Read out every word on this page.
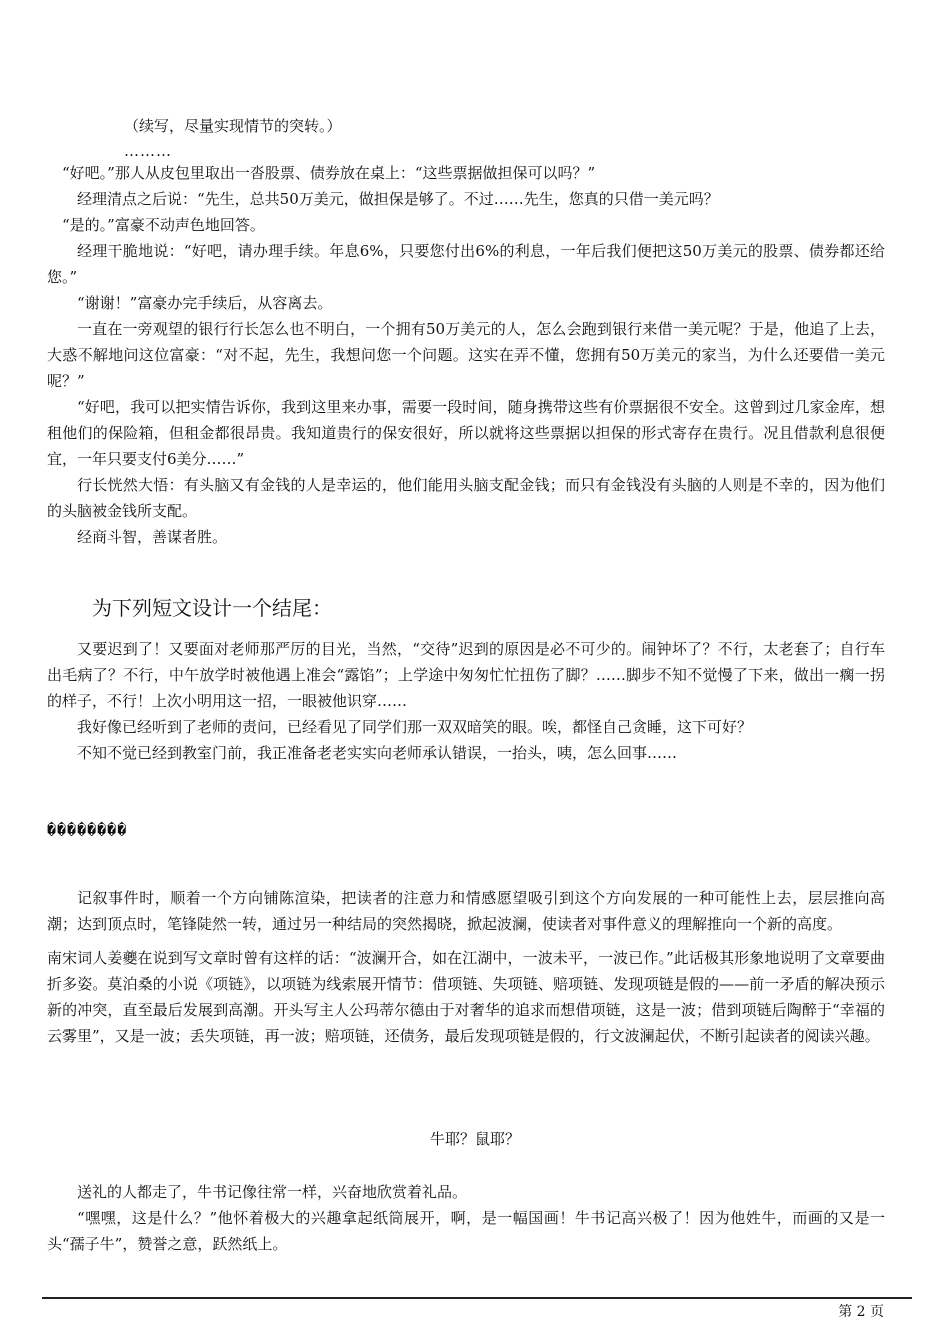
（续写，尽量实现情节的突转。）
………

“好吧。”那人从皮包里取出一沓股票、债券放在桌上：“这些票据做担保可以吗？”

经理清点之后说：“先生，总共50万美元，做担保是够了。不过……先生，您真的只借一美元吗？

“是的。”富豪不动声色地回答。

经理干脆地说：“好吧，请办理手续。年息6%，只要您付出6%的利息，一年后我们便把这50万美元的股票、债券都还给您。”

“谢谢！”富豪办完手续后，从容离去。

一直在一旁观望的银行行长怎么也不明白，一个拥有50万美元的人，怎么会跑到银行来借一美元呢？于是，他追了上去，大惑不解地问这位富豪：“对不起，先生，我想问您一个问题。这实在弄不懂，您拥有50万美元的家当，为什么还要借一美元呢？”

“好吧，我可以把实情告诉你，我到这里来办事，需要一段时间，随身携带这些有价票据很不安全。这曾到过几家金库，想租他们的保险箱，但租金都很昂贵。我知道贵行的保安很好，所以就将这些票据以担保的形式寄存在贵行。况且借款利息很便宜，一年只要支付6美分……”

行长恍然大悟：有头脑又有金钱的人是幸运的，他们能用头脑支配金钱；而只有金钱没有头脑的人则是不幸的，因为他们的头脑被金钱所支配。

经商斗智，善谋者胜。

为下列短文设计一个结尾：

又要迟到了！又要面对老师那严厉的目光，当然，“交待”迟到的原因是必不可少的。闹钟坏了？不行，太老套了；自行车出毛病了？不行，中午放学时被他遇上准会“露馅”；上学途中匆匆忙忙扭伤了脚？……脚步不知不觉慢了下来，做出一瘸一拐的样子，不行！上次小明用这一招，一眼被他识穿……

我好像已经听到了老师的责问，已经看见了同学们那一双双暗笑的眼。唉，都怪自己贪睡，这下可好？

不知不觉已经到教室门前，我正准备老老实实向老师承认错误，一抬头，咦，怎么回事……

��������

记叙事件时，顺着一个方向铺陈渲染，把读者的注意力和情感愿望吸引到这个方向发展的一种可能性上去，层层推向高潮；达到顶点时，笔锋陡然一转，通过另一种结局的突然揭晓，掀起波澜，使读者对事件意义的理解推向一个新的高度。

南宋词人姜夔在说到写文章时曾有这样的话：“波澜开合，如在江湖中，一波未平，一波已作。”此话极其形象地说明了文章要曲折多姿。莫泊桑的小说《项链》，以项链为线索展开情节：借项链、失项链、赔项链、发现项链是假的——前一矛盾的解决预示新的冲突，直至最后发展到高潮。开头写主人公玛蒂尔德由于对奢华的追求而想借项链，这是一波；借到项链后陶醉于“幸福的云雾里”，又是一波；丢失项链，再一波；赔项链，还债务，最后发现项链是假的，行文波澜起伏，不断引起读者的阅读兴趣。

牛耶？鼠耶？

送礼的人都走了，牛书记像往常一样，兴奋地欣赏着礼品。

“嘿嘿，这是什么？”他怀着极大的兴趣拿起纸筒展开，啊，是一幅国画！牛书记高兴极了！因为他姓牛，而画的又是一头“孺子牛”，赞誉之意，跃然纸上。

第 2 页
